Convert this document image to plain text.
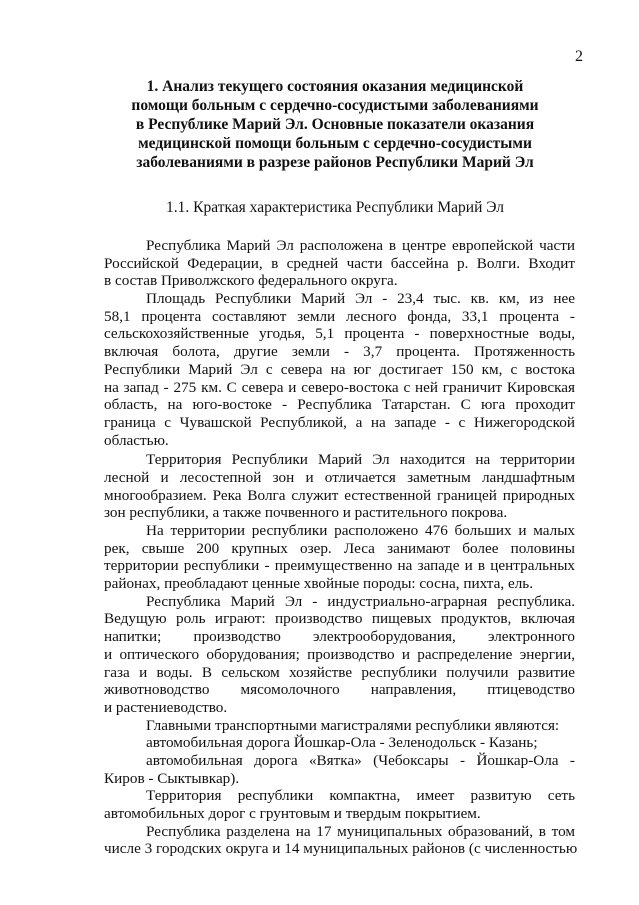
2
1. Анализ текущего состояния оказания медицинской
помощи больным с сердечно-сосудистыми заболеваниями
в Республике Марий Эл. Основные показатели оказания
медицинской помощи больным с сердечно-сосудистыми
заболеваниями в разрезе районов Республики Марий Эл
1.1. Краткая характеристика Республики Марий Эл
Республика Марий Эл расположена в центре европейской части
Российской Федерации, в средней части бассейна р. Волги. Входит
в состав Приволжского федерального округа.
Площадь Республики Марий Эл - 23,4 тыс. кв. км, из нее
58,1 процента составляют земли лесного фонда, 33,1 процента -
сельскохозяйственные угодья, 5,1 процента - поверхностные воды,
включая болота, другие земли - 3,7 процента. Протяженность
Республики Марий Эл с севера на юг достигает 150 км, с востока
на запад - 275 км. С севера и северо-востока с ней граничит Кировская
область, на юго-востоке - Республика Татарстан. С юга проходит
граница с Чувашской Республикой, а на западе - с Нижегородской
областью.
Территория Республики Марий Эл находится на территории
лесной и лесостепной зон и отличается заметным ландшафтным
многообразием. Река Волга служит естественной границей природных
зон республики, а также почвенного и растительного покрова.
На территории республики расположено 476 больших и малых
рек, свыше 200 крупных озер. Леса занимают более половины
территории республики - преимущественно на западе и в центральных
районах, преобладают ценные хвойные породы: сосна, пихта, ель.
Республика Марий Эл - индустриально-аграрная республика.
Ведущую роль играют: производство пищевых продуктов, включая
напитки; производство электрооборудования, электронного
и оптического оборудования; производство и распределение энергии,
газа и воды. В сельском хозяйстве республики получили развитие
животноводство мясомолочного направления, птицеводство
и растениеводство.
Главными транспортными магистралями республики являются:
автомобильная дорога Йошкар-Ола - Зеленодольск - Казань;
автомобильная дорога «Вятка» (Чебоксары - Йошкар-Ола -
Киров - Сыктывкар).
Территория республики компактна, имеет развитую сеть
автомобильных дорог с грунтовым и твердым покрытием.
Республика разделена на 17 муниципальных образований, в том
числе 3 городских округа и 14 муниципальных районов (с численностью
